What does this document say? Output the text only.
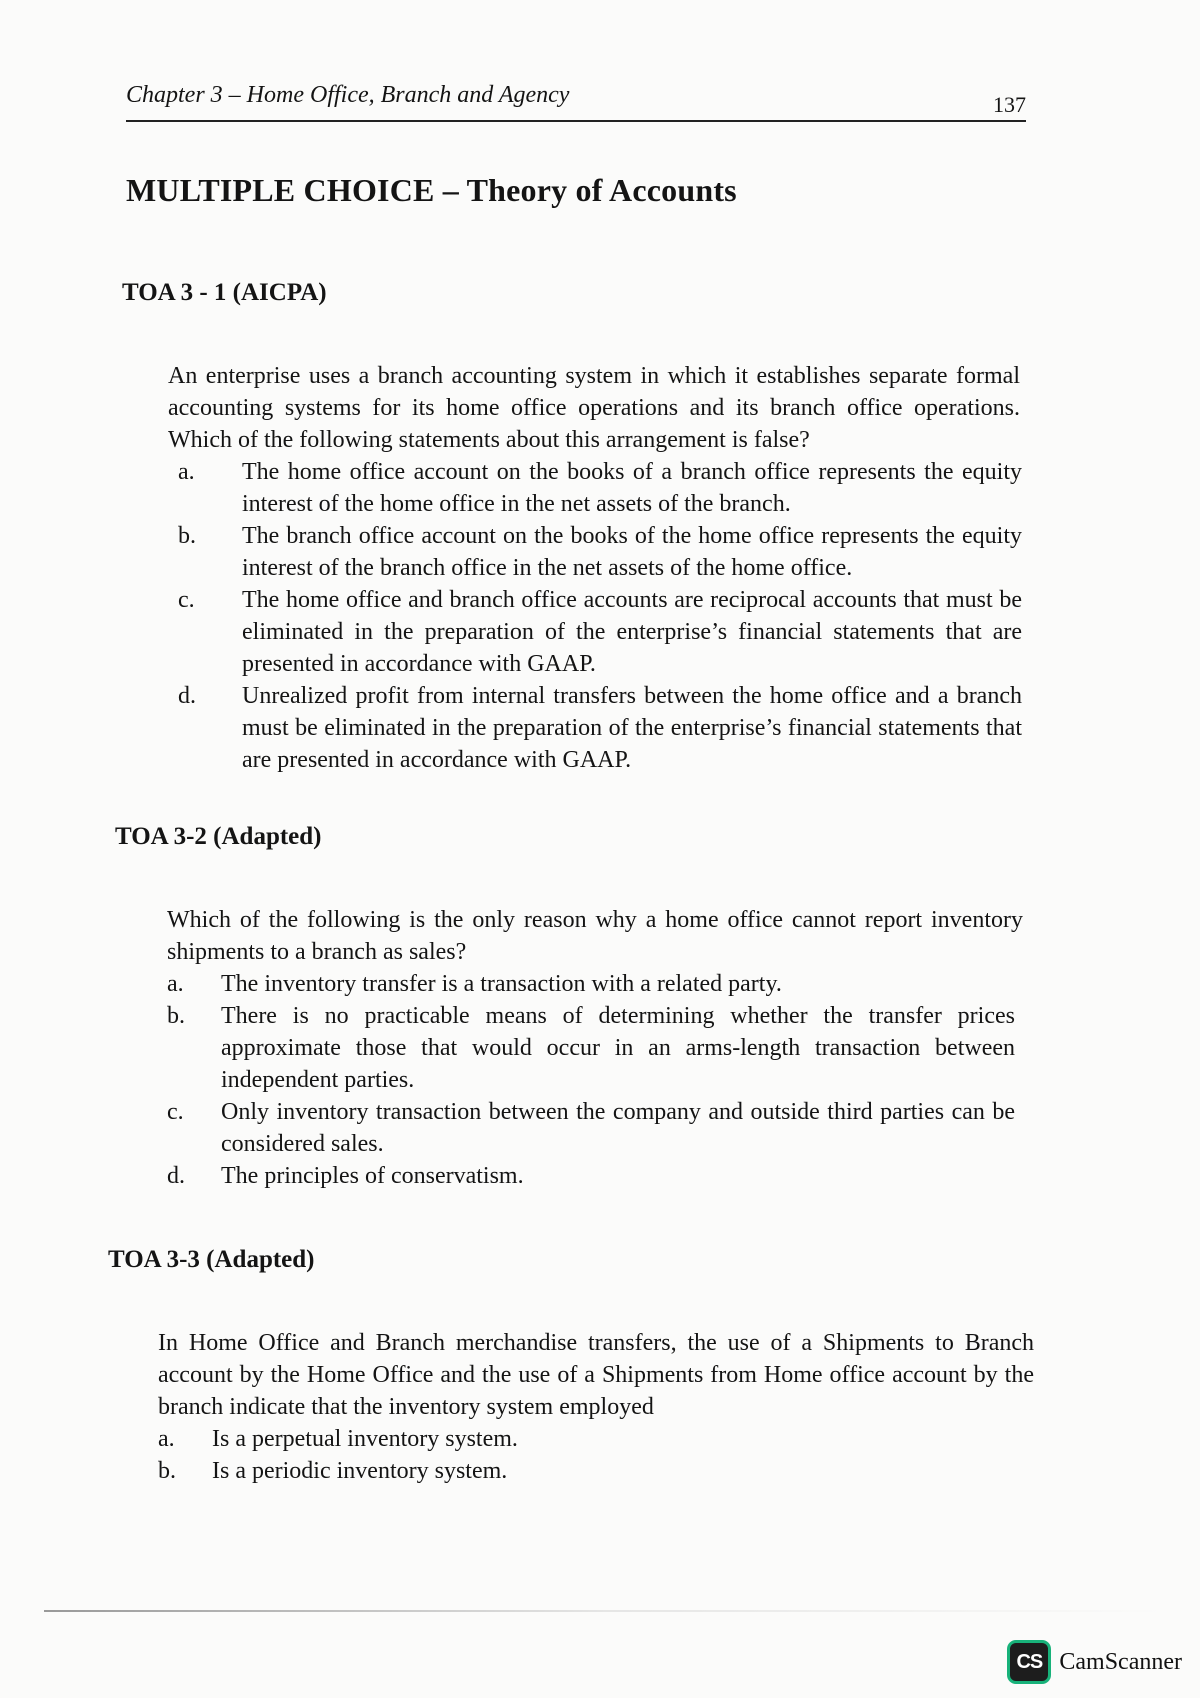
Chapter 3 – Home Office, Branch and Agency	137
MULTIPLE CHOICE – Theory of Accounts

TOA 3 - 1 (AICPA)

An enterprise uses a branch accounting system in which it establishes separate formal accounting systems for its home office operations and its branch office operations. Which of the following statements about this arrangement is false?

a.	The home office account on the books of a branch office represents the equity interest of the home office in the net assets of the branch.
b.	The branch office account on the books of the home office represents the equity interest of the branch office in the net assets of the home office.
c.	The home office and branch office accounts are reciprocal accounts that must be eliminated in the preparation of the enterprise’s financial statements that are presented in accordance with GAAP.
d.	Unrealized profit from internal transfers between the home office and a branch must be eliminated in the preparation of the enterprise’s financial statements that are presented in accordance with GAAP.

TOA 3-2 (Adapted)

Which of the following is the only reason why a home office cannot report inventory shipments to a branch as sales?

a.	The inventory transfer is a transaction with a related party.
b.	There is no practicable means of determining whether the transfer prices approximate those that would occur in an arms-length transaction between independent parties.
c.	Only inventory transaction between the company and outside third parties can be considered sales.
d.	The principles of conservatism.

TOA 3-3 (Adapted)

In Home Office and Branch merchandise transfers, the use of a Shipments to Branch account by the Home Office and the use of a Shipments from Home office account by the branch indicate that the inventory system employed

a.	Is a perpetual inventory system.
b.	Is a periodic inventory system.
CS CamScanner
